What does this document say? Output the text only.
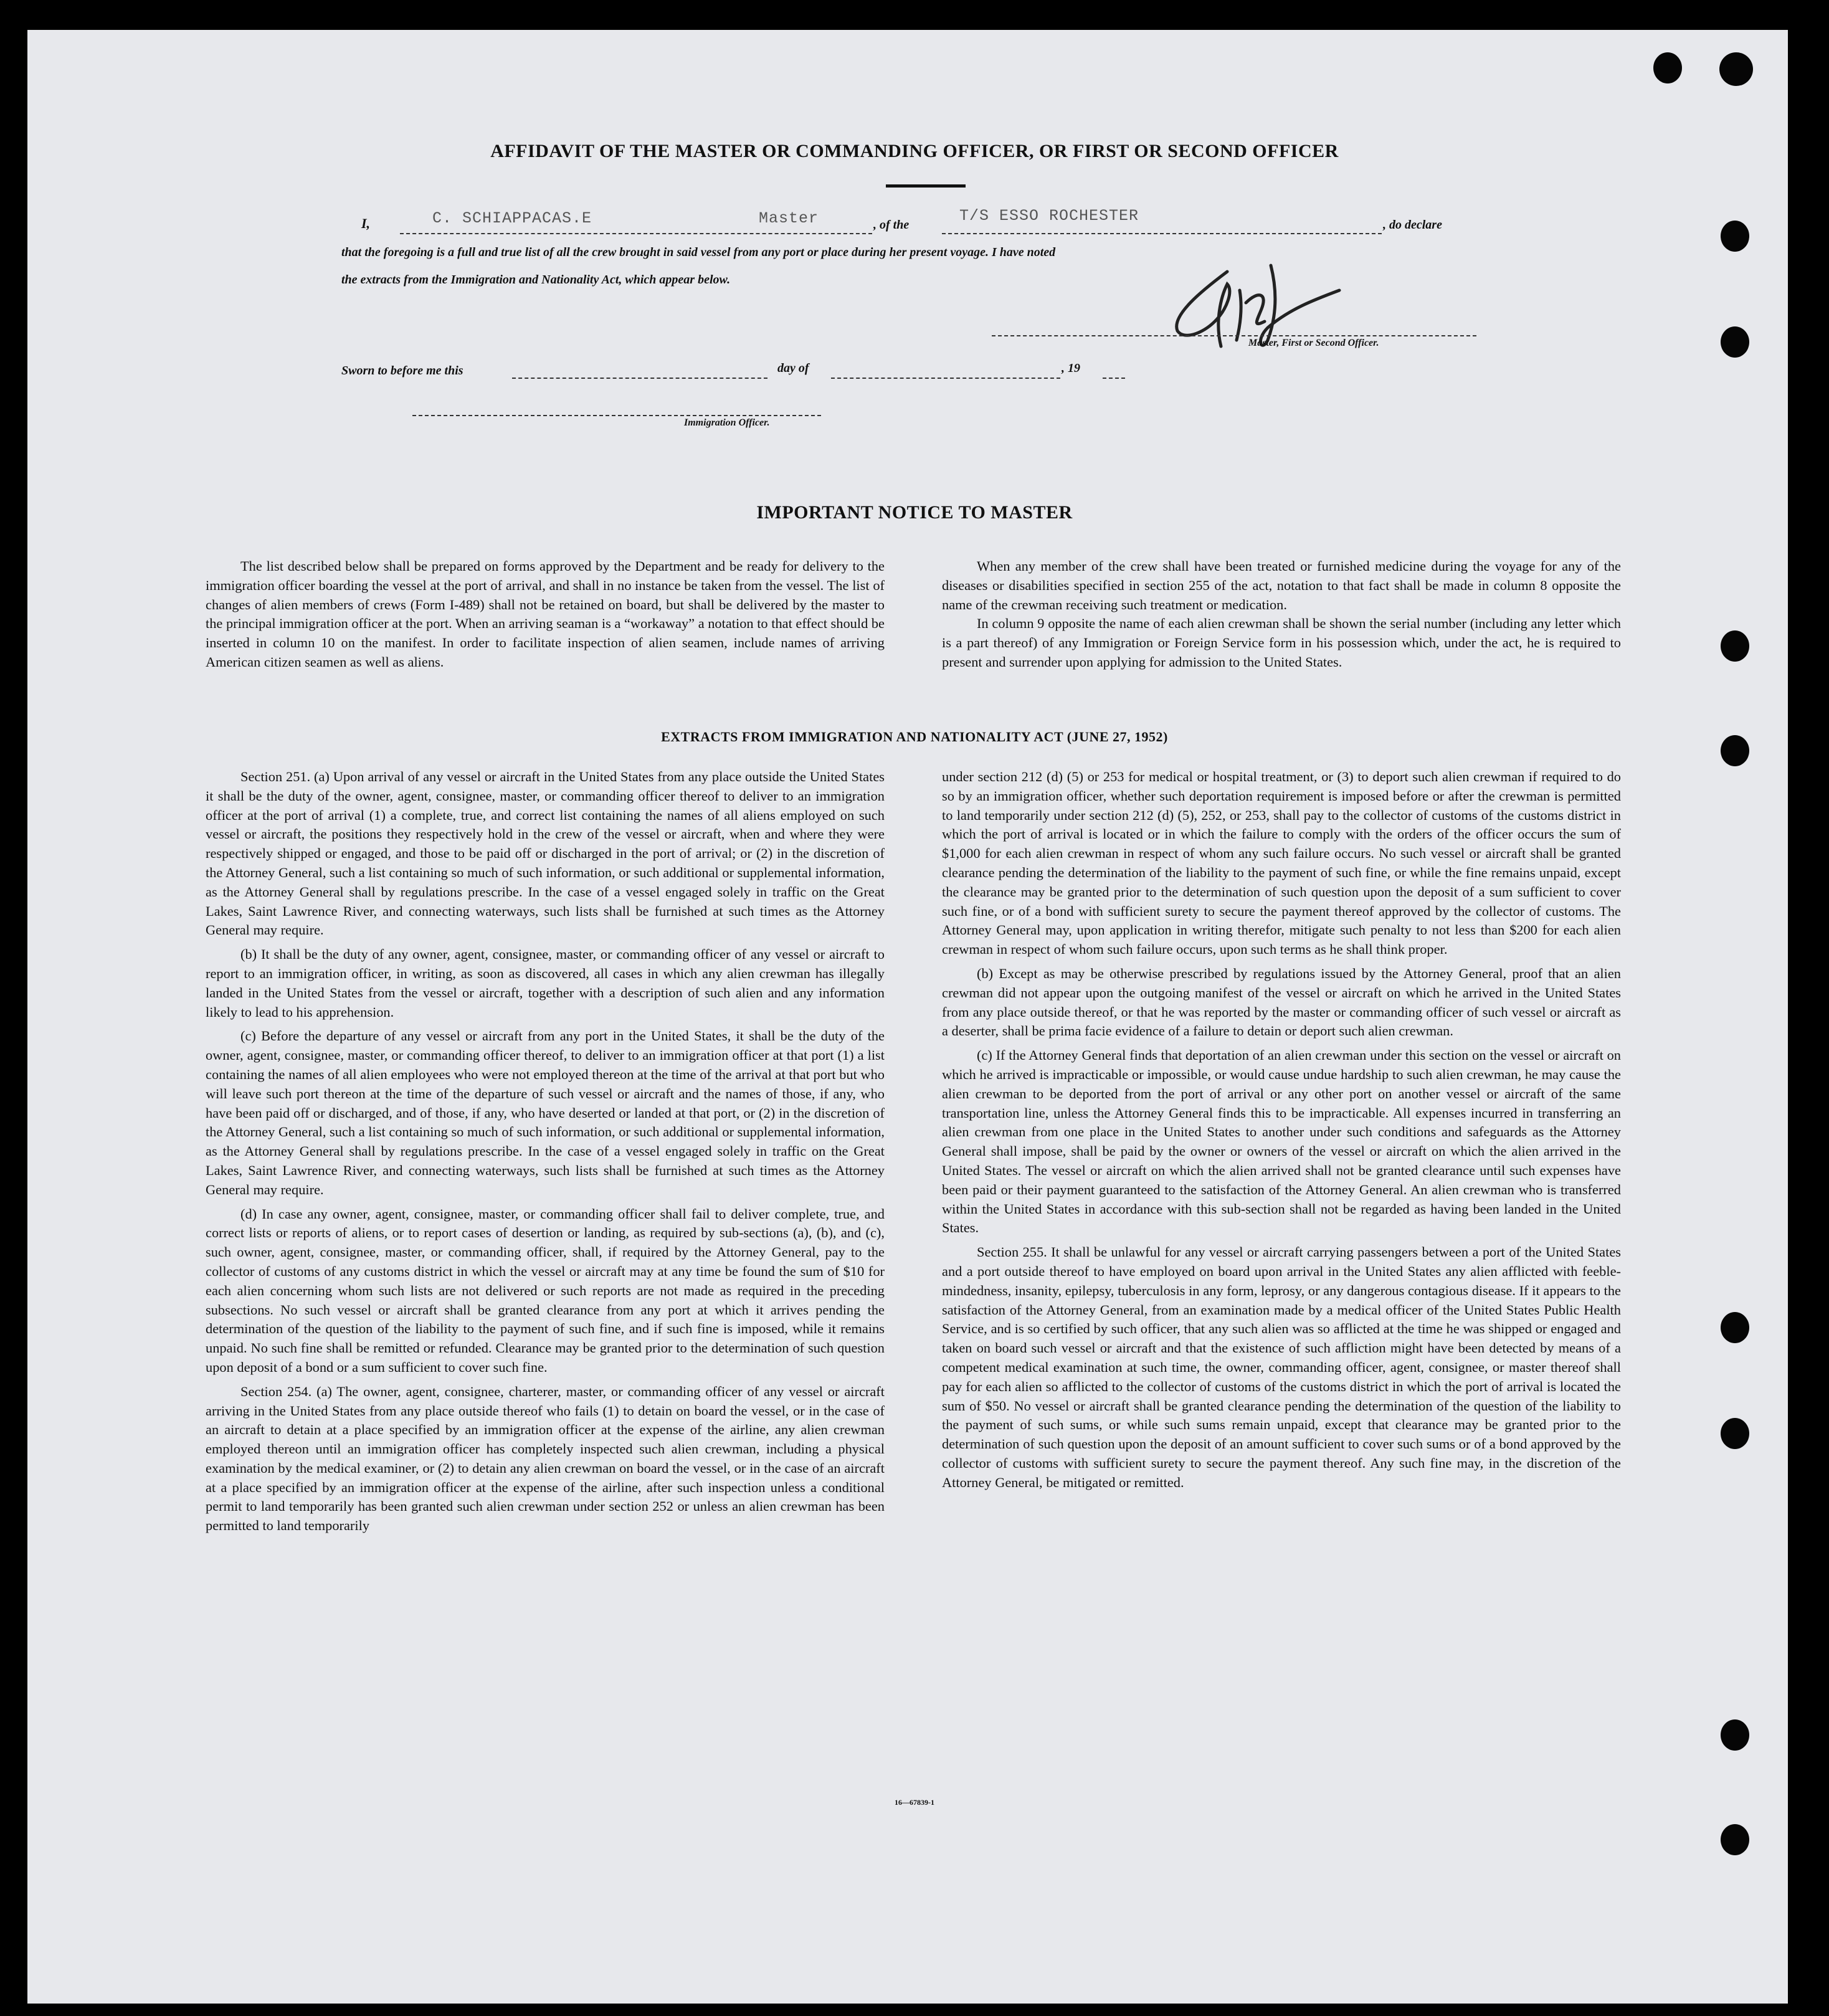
AFFIDAVIT OF THE MASTER OR COMMANDING OFFICER, OR FIRST OR SECOND OFFICER
I,	C. SCHIAPPACAS.E	Master	, of the	T/S ESSO ROCHESTER	, do declare
that the foregoing is a full and true list of all the crew brought in said vessel from any port or place during her present voyage. I have noted
the extracts from the Immigration and Nationality Act, which appear below.
Master, First or Second Officer.
Sworn to before me this	day of	, 19
Immigration Officer.
IMPORTANT NOTICE TO MASTER

The list described below shall be prepared on forms approved by the Department and be ready for delivery to the immigration officer boarding the vessel at the port of arrival, and shall in no instance be taken from the vessel. The list of changes of alien members of crews (Form I-489) shall not be retained on board, but shall be delivered by the master to the principal immigration officer at the port. When an arriving seaman is a “workaway” a notation to that effect should be inserted in column 10 on the manifest. In order to facilitate inspection of alien seamen, include names of arriving American citizen seamen as well as aliens.

When any member of the crew shall have been treated or furnished medicine during the voyage for any of the diseases or disabilities specified in section 255 of the act, notation to that fact shall be made in column 8 opposite the name of the crewman receiving such treatment or medication.

In column 9 opposite the name of each alien crewman shall be shown the serial number (including any letter which is a part thereof) of any Immigration or Foreign Service form in his possession which, under the act, he is required to present and surrender upon applying for admission to the United States.

EXTRACTS FROM IMMIGRATION AND NATIONALITY ACT (JUNE 27, 1952)

Section 251. (a) Upon arrival of any vessel or aircraft in the United States from any place outside the United States it shall be the duty of the owner, agent, consignee, master, or commanding officer thereof to deliver to an immigration officer at the port of arrival (1) a complete, true, and correct list containing the names of all aliens employed on such vessel or aircraft, the positions they respectively hold in the crew of the vessel or aircraft, when and where they were respectively shipped or engaged, and those to be paid off or discharged in the port of arrival; or (2) in the discretion of the Attorney General, such a list containing so much of such information, or such additional or supplemental information, as the Attorney General shall by regulations prescribe. In the case of a vessel engaged solely in traffic on the Great Lakes, Saint Lawrence River, and connecting waterways, such lists shall be furnished at such times as the Attorney General may require.

(b) It shall be the duty of any owner, agent, consignee, master, or commanding officer of any vessel or aircraft to report to an immigration officer, in writing, as soon as discovered, all cases in which any alien crewman has illegally landed in the United States from the vessel or aircraft, together with a description of such alien and any information likely to lead to his apprehension.

(c) Before the departure of any vessel or aircraft from any port in the United States, it shall be the duty of the owner, agent, consignee, master, or commanding officer thereof, to deliver to an immigration officer at that port (1) a list containing the names of all alien employees who were not employed thereon at the time of the arrival at that port but who will leave such port thereon at the time of the departure of such vessel or aircraft and the names of those, if any, who have been paid off or discharged, and of those, if any, who have deserted or landed at that port, or (2) in the discretion of the Attorney General, such a list containing so much of such information, or such additional or supplemental information, as the Attorney General shall by regulations prescribe. In the case of a vessel engaged solely in traffic on the Great Lakes, Saint Lawrence River, and connecting waterways, such lists shall be furnished at such times as the Attorney General may require.

(d) In case any owner, agent, consignee, master, or commanding officer shall fail to deliver complete, true, and correct lists or reports of aliens, or to report cases of desertion or landing, as required by sub-sections (a), (b), and (c), such owner, agent, consignee, master, or commanding officer, shall, if required by the Attorney General, pay to the collector of customs of any customs district in which the vessel or aircraft may at any time be found the sum of $10 for each alien concerning whom such lists are not delivered or such reports are not made as required in the preceding subsections. No such vessel or aircraft shall be granted clearance from any port at which it arrives pending the determination of the question of the liability to the payment of such fine, and if such fine is imposed, while it remains unpaid. No such fine shall be remitted or refunded. Clearance may be granted prior to the determination of such question upon deposit of a bond or a sum sufficient to cover such fine.

Section 254. (a) The owner, agent, consignee, charterer, master, or commanding officer of any vessel or aircraft arriving in the United States from any place outside thereof who fails (1) to detain on board the vessel, or in the case of an aircraft to detain at a place specified by an immigration officer at the expense of the airline, any alien crewman employed thereon until an immigration officer has completely inspected such alien crewman, including a physical examination by the medical examiner, or (2) to detain any alien crewman on board the vessel, or in the case of an aircraft at a place specified by an immigration officer at the expense of the airline, after such inspection unless a conditional permit to land temporarily has been granted such alien crewman under section 252 or unless an alien crewman has been permitted to land temporarily

under section 212 (d) (5) or 253 for medical or hospital treatment, or (3) to deport such alien crewman if required to do so by an immigration officer, whether such deportation requirement is imposed before or after the crewman is permitted to land temporarily under section 212 (d) (5), 252, or 253, shall pay to the collector of customs of the customs district in which the port of arrival is located or in which the failure to comply with the orders of the officer occurs the sum of $1,000 for each alien crewman in respect of whom any such failure occurs. No such vessel or aircraft shall be granted clearance pending the determination of the liability to the payment of such fine, or while the fine remains unpaid, except the clearance may be granted prior to the determination of such question upon the deposit of a sum sufficient to cover such fine, or of a bond with sufficient surety to secure the payment thereof approved by the collector of customs. The Attorney General may, upon application in writing therefor, mitigate such penalty to not less than $200 for each alien crewman in respect of whom such failure occurs, upon such terms as he shall think proper.

(b) Except as may be otherwise prescribed by regulations issued by the Attorney General, proof that an alien crewman did not appear upon the outgoing manifest of the vessel or aircraft on which he arrived in the United States from any place outside thereof, or that he was reported by the master or commanding officer of such vessel or aircraft as a deserter, shall be prima facie evidence of a failure to detain or deport such alien crewman.

(c) If the Attorney General finds that deportation of an alien crewman under this section on the vessel or aircraft on which he arrived is impracticable or impossible, or would cause undue hardship to such alien crewman, he may cause the alien crewman to be deported from the port of arrival or any other port on another vessel or aircraft of the same transportation line, unless the Attorney General finds this to be impracticable. All expenses incurred in transferring an alien crewman from one place in the United States to another under such conditions and safeguards as the Attorney General shall impose, shall be paid by the owner or owners of the vessel or aircraft on which the alien arrived in the United States. The vessel or aircraft on which the alien arrived shall not be granted clearance until such expenses have been paid or their payment guaranteed to the satisfaction of the Attorney General. An alien crewman who is transferred within the United States in accordance with this sub-section shall not be regarded as having been landed in the United States.

Section 255. It shall be unlawful for any vessel or aircraft carrying passengers between a port of the United States and a port outside thereof to have employed on board upon arrival in the United States any alien afflicted with feeble-mindedness, insanity, epilepsy, tuberculosis in any form, leprosy, or any dangerous contagious disease. If it appears to the satisfaction of the Attorney General, from an examination made by a medical officer of the United States Public Health Service, and is so certified by such officer, that any such alien was so afflicted at the time he was shipped or engaged and taken on board such vessel or aircraft and that the existence of such affliction might have been detected by means of a competent medical examination at such time, the owner, commanding officer, agent, consignee, or master thereof shall pay for each alien so afflicted to the collector of customs of the customs district in which the port of arrival is located the sum of $50. No vessel or aircraft shall be granted clearance pending the determination of the question of the liability to the payment of such sums, or while such sums remain unpaid, except that clearance may be granted prior to the determination of such question upon the deposit of an amount sufficient to cover such sums or of a bond approved by the collector of customs with sufficient surety to secure the payment thereof. Any such fine may, in the discretion of the Attorney General, be mitigated or remitted.

16—67839-1
